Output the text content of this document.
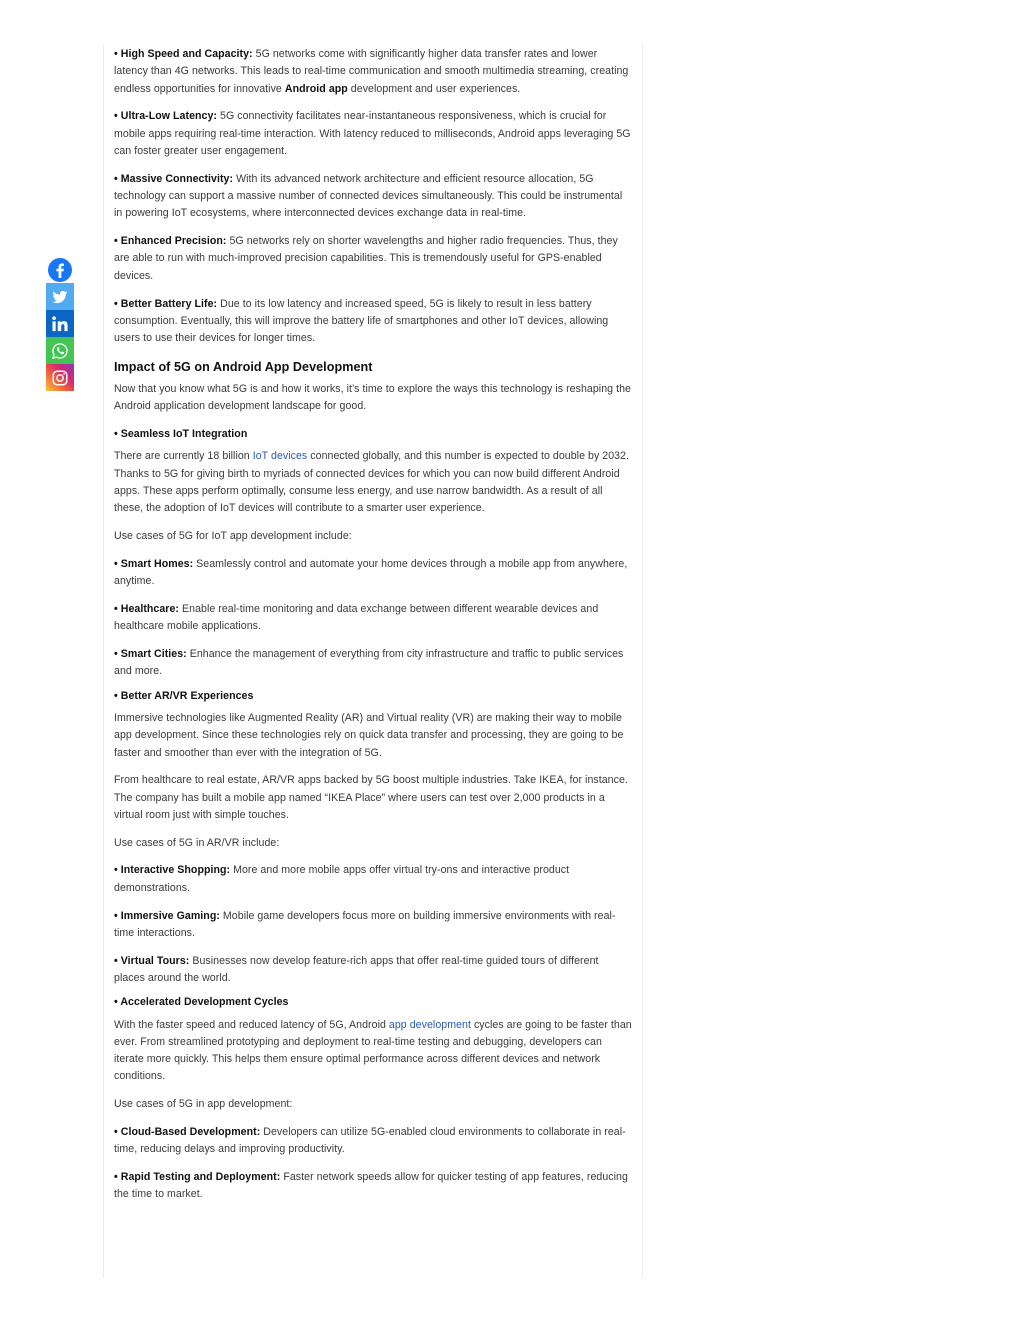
• High Speed and Capacity: 5G networks come with significantly higher data transfer rates and lower latency than 4G networks. This leads to real-time communication and smooth multimedia streaming, creating endless opportunities for innovative Android app development and user experiences.

• Ultra-Low Latency: 5G connectivity facilitates near-instantaneous responsiveness, which is crucial for mobile apps requiring real-time interaction. With latency reduced to milliseconds, Android apps leveraging 5G can foster greater user engagement.

• Massive Connectivity: With its advanced network architecture and efficient resource allocation, 5G technology can support a massive number of connected devices simultaneously. This could be instrumental in powering IoT ecosystems, where interconnected devices exchange data in real-time.

• Enhanced Precision: 5G networks rely on shorter wavelengths and higher radio frequencies. Thus, they are able to run with much-improved precision capabilities. This is tremendously useful for GPS-enabled devices.

• Better Battery Life: Due to its low latency and increased speed, 5G is likely to result in less battery consumption. Eventually, this will improve the battery life of smartphones and other IoT devices, allowing users to use their devices for longer times.

Impact of 5G on Android App Development

Now that you know what 5G is and how it works, it’s time to explore the ways this technology is reshaping the Android application development landscape for good.

• Seamless IoT Integration

There are currently 18 billion IoT devices connected globally, and this number is expected to double by 2032. Thanks to 5G for giving birth to myriads of connected devices for which you can now build different Android apps. These apps perform optimally, consume less energy, and use narrow bandwidth. As a result of all these, the adoption of IoT devices will contribute to a smarter user experience.

Use cases of 5G for IoT app development include:

• Smart Homes: Seamlessly control and automate your home devices through a mobile app from anywhere, anytime.

• Healthcare: Enable real-time monitoring and data exchange between different wearable devices and healthcare mobile applications.

• Smart Cities: Enhance the management of everything from city infrastructure and traffic to public services and more.

• Better AR/VR Experiences

Immersive technologies like Augmented Reality (AR) and Virtual reality (VR) are making their way to mobile app development. Since these technologies rely on quick data transfer and processing, they are going to be faster and smoother than ever with the integration of 5G.

From healthcare to real estate, AR/VR apps backed by 5G boost multiple industries. Take IKEA, for instance. The company has built a mobile app named “IKEA Place” where users can test over 2,000 products in a virtual room just with simple touches.

Use cases of 5G in AR/VR include:

• Interactive Shopping: More and more mobile apps offer virtual try-ons and interactive product demonstrations.

• Immersive Gaming: Mobile game developers focus more on building immersive environments with real-time interactions.

• Virtual Tours: Businesses now develop feature-rich apps that offer real-time guided tours of different places around the world.

• Accelerated Development Cycles

With the faster speed and reduced latency of 5G, Android app development cycles are going to be faster than ever. From streamlined prototyping and deployment to real-time testing and debugging, developers can iterate more quickly. This helps them ensure optimal performance across different devices and network conditions.

Use cases of 5G in app development:

• Cloud-Based Development: Developers can utilize 5G-enabled cloud environments to collaborate in real-time, reducing delays and improving productivity.

• Rapid Testing and Deployment: Faster network speeds allow for quicker testing of app features, reducing the time to market.
